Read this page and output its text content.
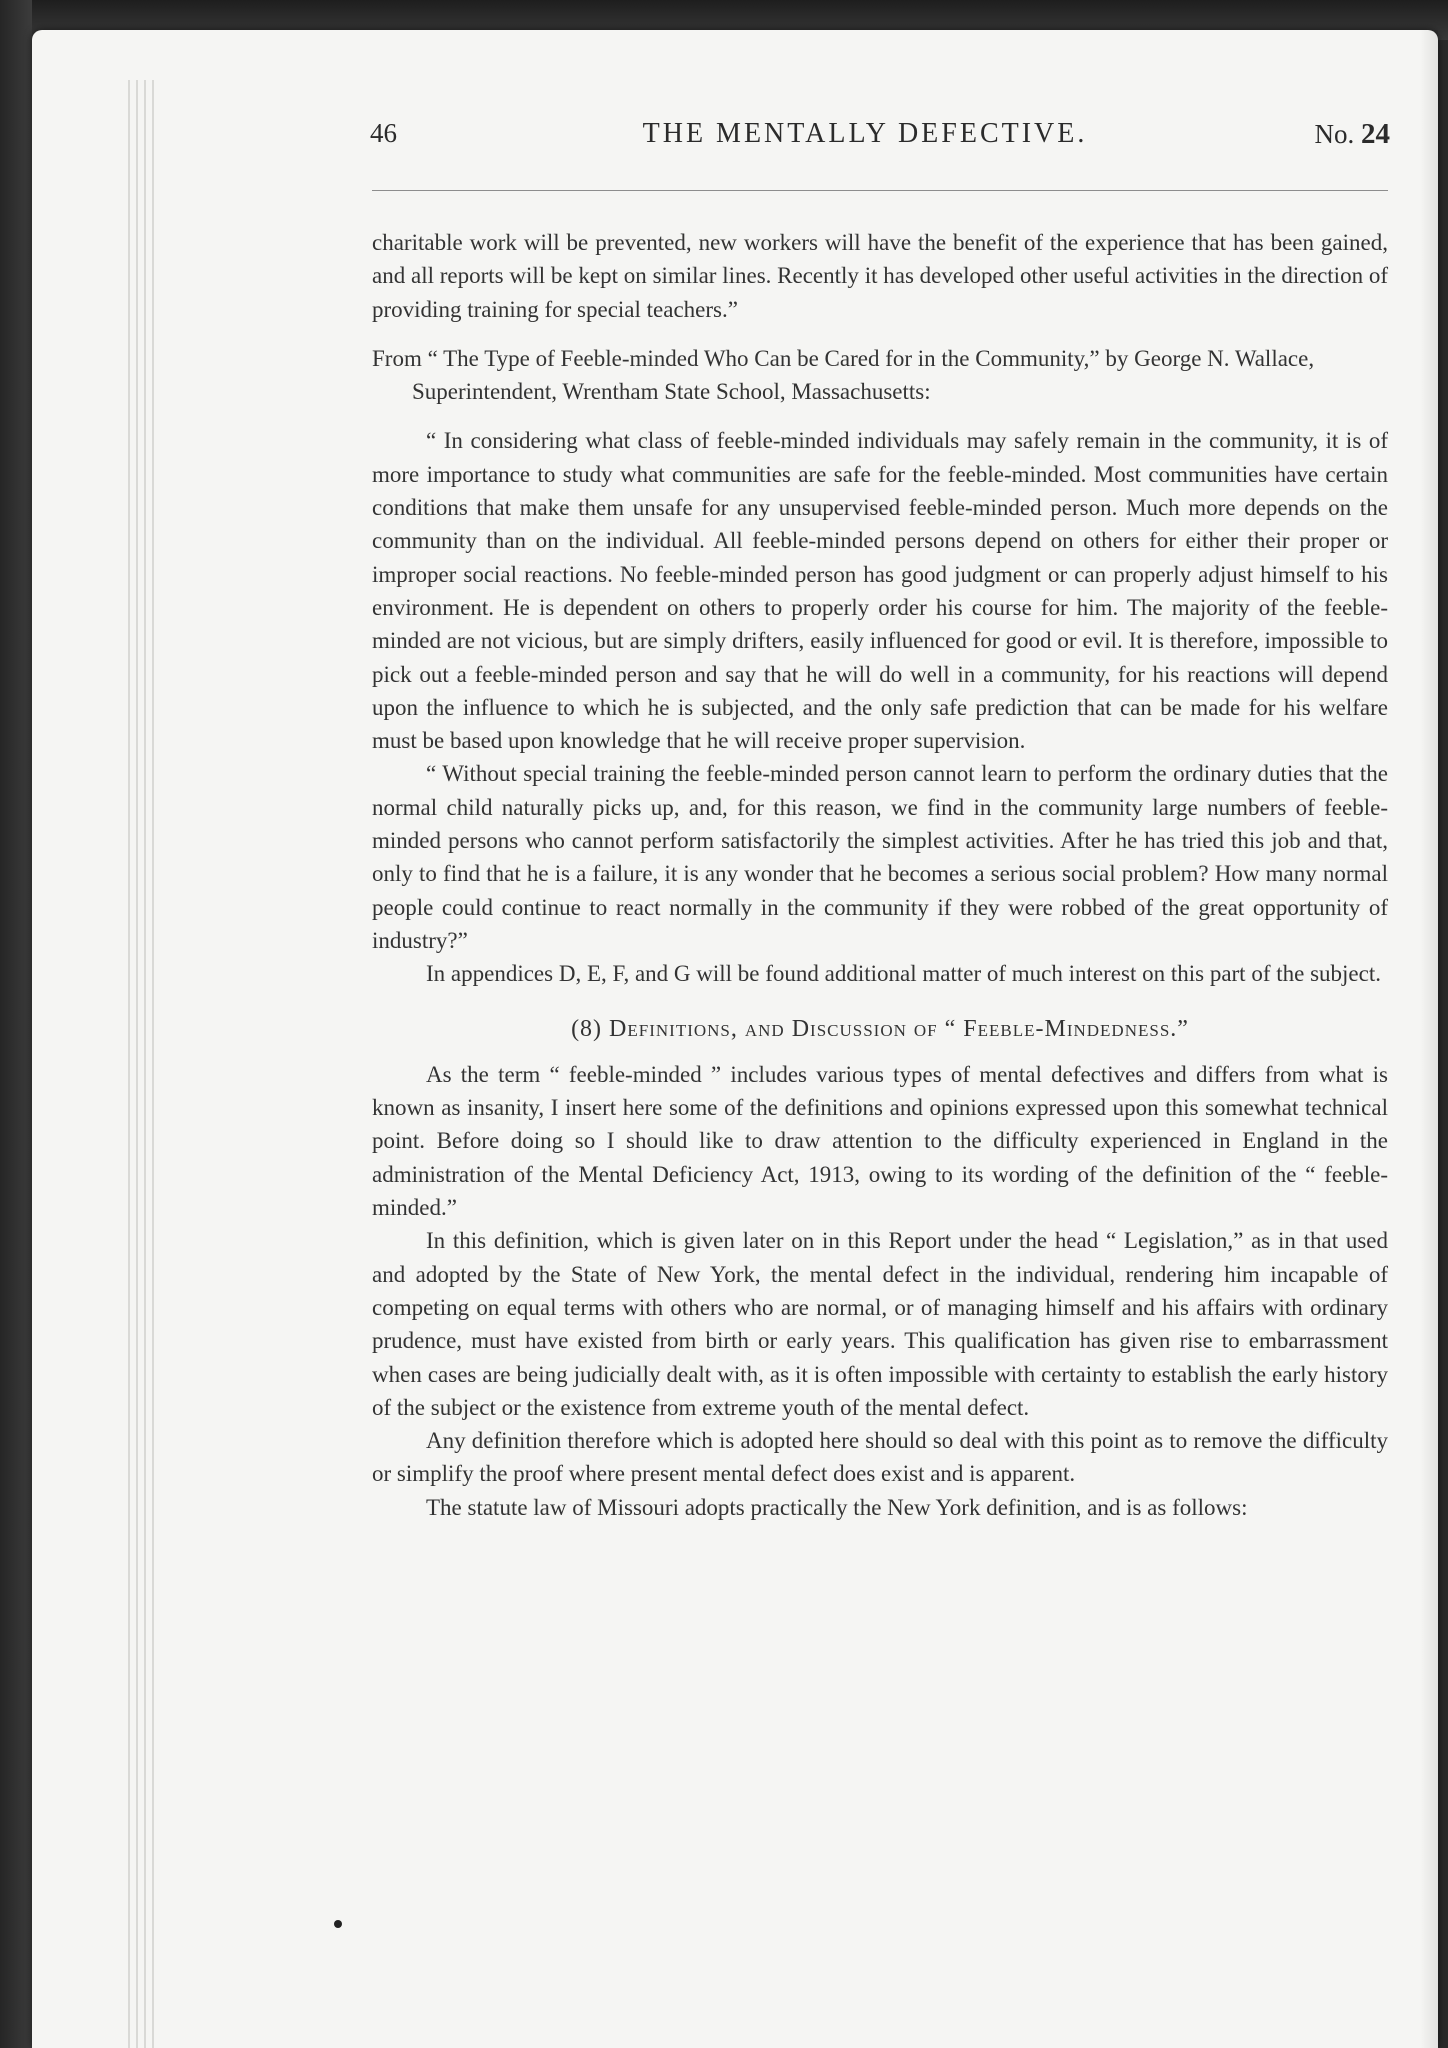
46	THE MENTALLY DEFECTIVE.	No. 24

charitable work will be prevented, new workers will have the benefit of the experience that has been gained, and all reports will be kept on similar lines. Recently it has developed other useful activities in the direction of providing training for special teachers.”

From “ The Type of Feeble-minded Who Can be Cared for in the Community,” by George N. Wallace, Superintendent, Wrentham State School, Massachusetts:

“ In considering what class of feeble-minded individuals may safely remain in the community, it is of more importance to study what communities are safe for the feeble-minded. Most communities have certain conditions that make them unsafe for any unsupervised feeble-minded person. Much more depends on the community than on the individual. All feeble-minded persons depend on others for either their proper or improper social reactions. No feeble-minded person has good judgment or can properly adjust himself to his environment. He is dependent on others to properly order his course for him. The majority of the feeble-minded are not vicious, but are simply drifters, easily influenced for good or evil. It is therefore, impossible to pick out a feeble-minded person and say that he will do well in a community, for his reactions will depend upon the influence to which he is subjected, and the only safe prediction that can be made for his welfare must be based upon knowledge that he will receive proper supervision.

“ Without special training the feeble-minded person cannot learn to perform the ordinary duties that the normal child naturally picks up, and, for this reason, we find in the community large numbers of feeble-minded persons who cannot perform satisfactorily the simplest activities. After he has tried this job and that, only to find that he is a failure, it is any wonder that he becomes a serious social problem? How many normal people could continue to react normally in the community if they were robbed of the great opportunity of industry?”

In appendices D, E, F, and G will be found additional matter of much interest on this part of the subject.

(8) Definitions, and Discussion of “ Feeble-Mindedness.”

As the term “ feeble-minded ” includes various types of mental defectives and differs from what is known as insanity, I insert here some of the definitions and opinions expressed upon this somewhat technical point. Before doing so I should like to draw attention to the difficulty experienced in England in the administration of the Mental Deficiency Act, 1913, owing to its wording of the definition of the “ feeble-minded.”

In this definition, which is given later on in this Report under the head “ Legislation,” as in that used and adopted by the State of New York, the mental defect in the individual, rendering him incapable of competing on equal terms with others who are normal, or of managing himself and his affairs with ordinary prudence, must have existed from birth or early years. This qualification has given rise to embarrassment when cases are being judicially dealt with, as it is often impossible with certainty to establish the early history of the subject or the existence from extreme youth of the mental defect.

Any definition therefore which is adopted here should so deal with this point as to remove the difficulty or simplify the proof where present mental defect does exist and is apparent.

The statute law of Missouri adopts practically the New York definition, and is as follows:
